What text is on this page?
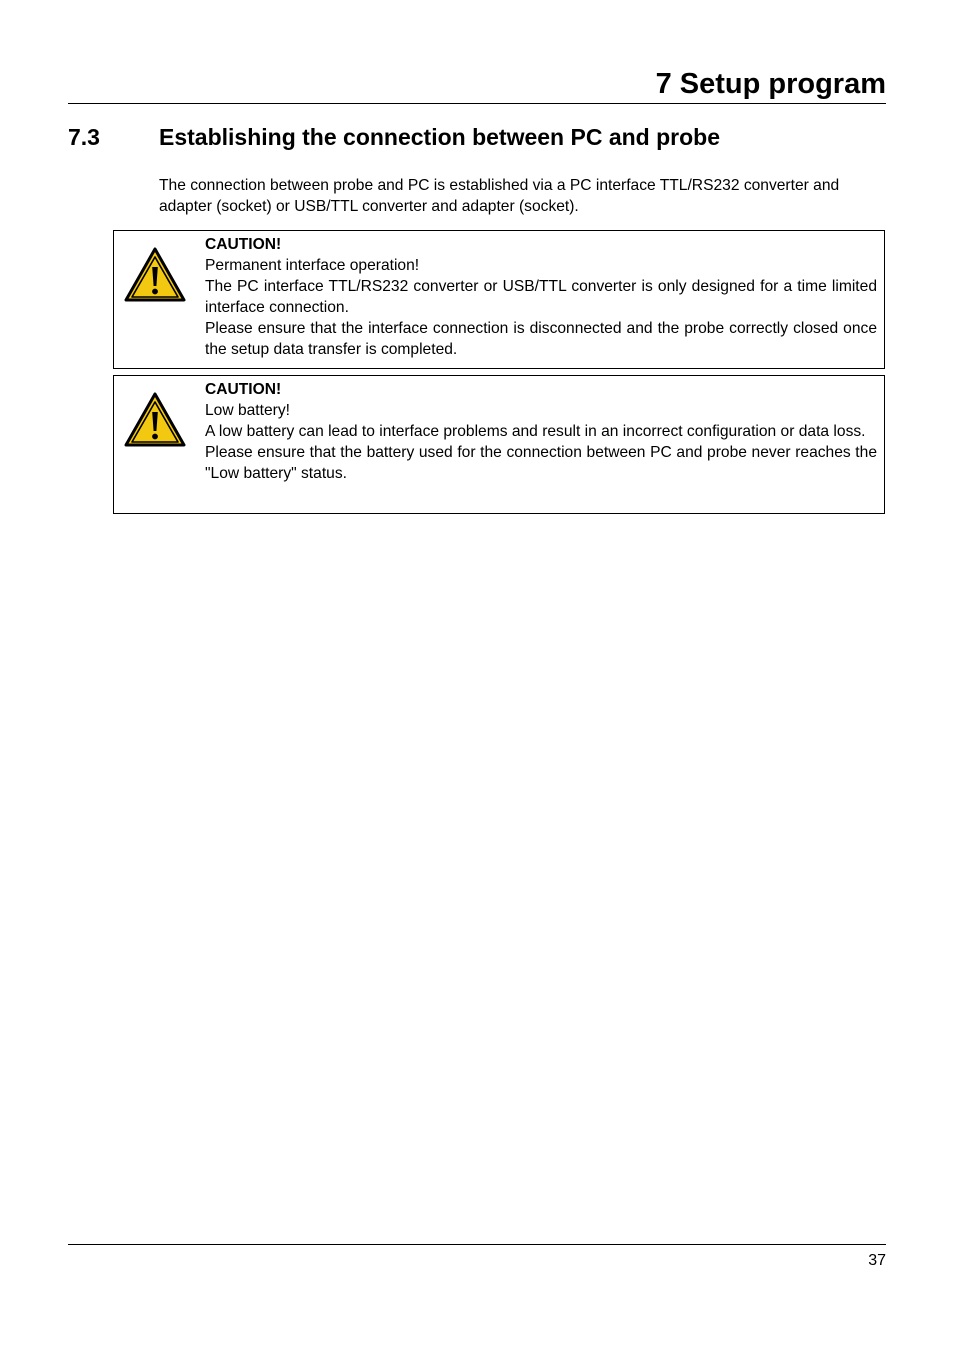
7 Setup program
7.3	Establishing the connection between PC and probe

The connection between probe and PC is established via a PC interface TTL/RS232 converter and adapter (socket) or USB/TTL converter and adapter (socket).

CAUTION!

Permanent interface operation!

The PC interface TTL/RS232 converter or USB/TTL converter is only designed for a time limited interface connection.

Please ensure that the interface connection is disconnected and the probe correctly closed once the setup data transfer is completed.

CAUTION!

Low battery!

A low battery can lead to interface problems and result in an incorrect configuration or data loss.

Please ensure that the battery used for the connection between PC and probe never reaches the "Low battery" status.

37
